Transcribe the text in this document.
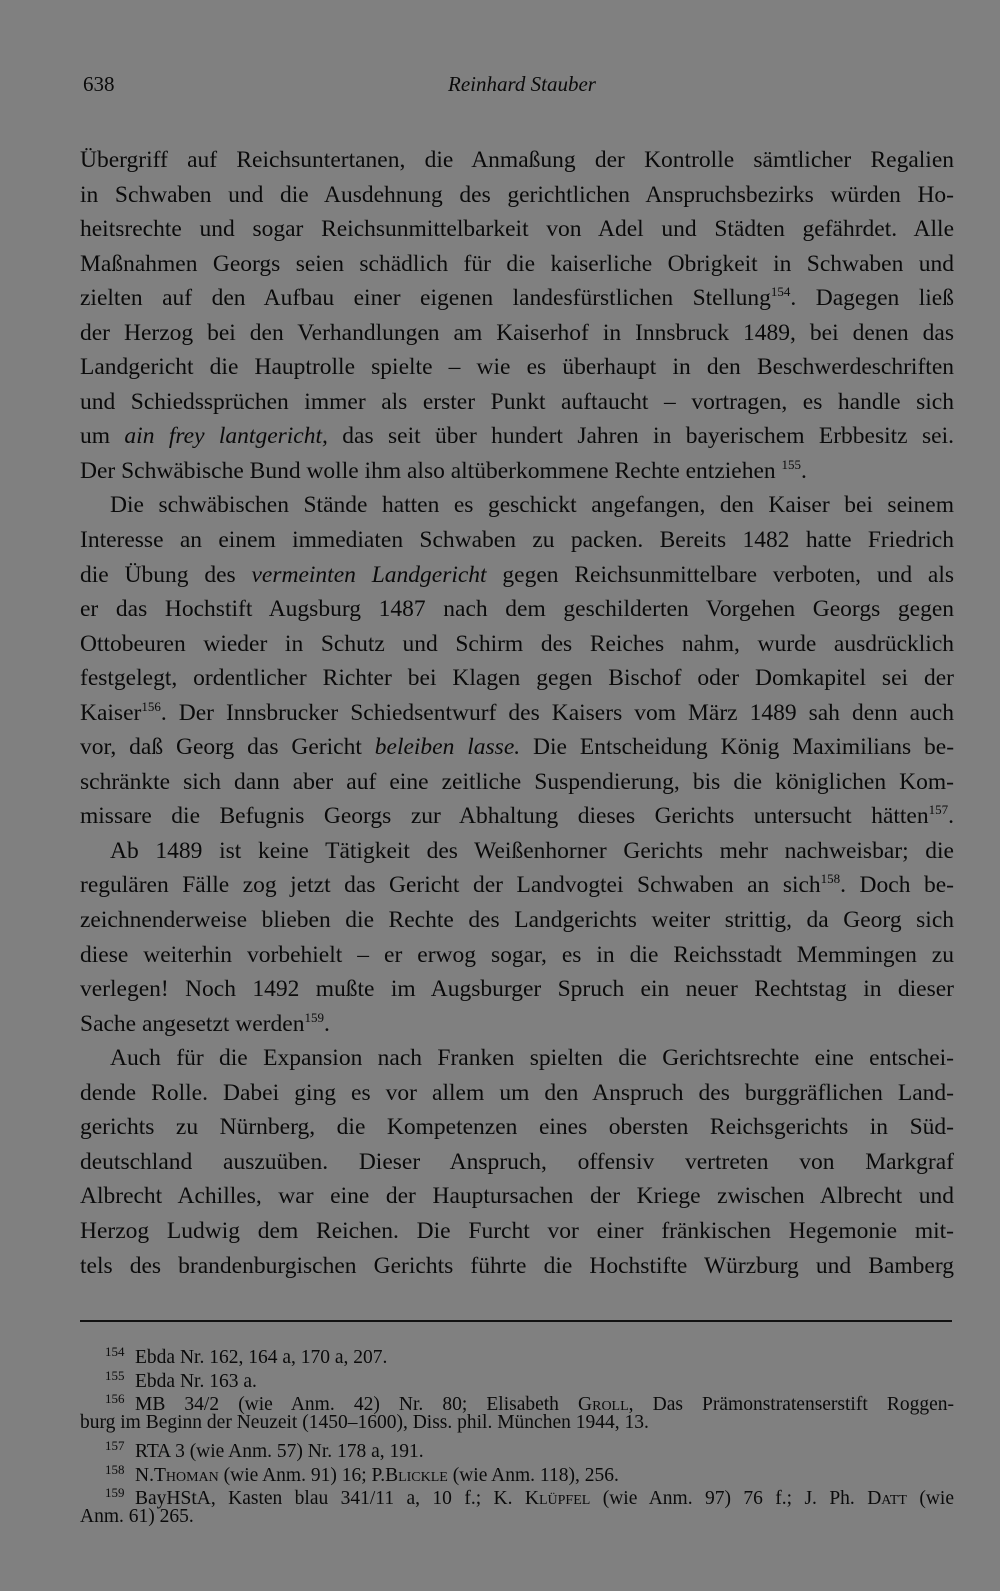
638	Reinhard Stauber
Übergriff auf Reichsuntertanen, die Anmaßung der Kontrolle sämtlicher Regalien
in Schwaben und die Ausdehnung des gerichtlichen Anspruchsbezirks würden Ho-
heitsrechte und sogar Reichsunmittelbarkeit von Adel und Städten gefährdet. Alle
Maßnahmen Georgs seien schädlich für die kaiserliche Obrigkeit in Schwaben und
zielten auf den Aufbau einer eigenen landesfürstlichen Stellung$^{154}$. Dagegen ließ
der Herzog bei den Verhandlungen am Kaiserhof in Innsbruck 1489, bei denen das
Landgericht die Hauptrolle spielte – wie es überhaupt in den Beschwerdeschriften
und Schiedssprüchen immer als erster Punkt auftaucht – vortragen, es handle sich
um ain frey lantgericht, das seit über hundert Jahren in bayerischem Erbbesitz sei.
Der Schwäbische Bund wolle ihm also altüberkommene Rechte entziehen $^{155}$.
Die schwäbischen Stände hatten es geschickt angefangen, den Kaiser bei seinem
Interesse an einem immediaten Schwaben zu packen. Bereits 1482 hatte Friedrich
die Übung des vermeinten Landgericht gegen Reichsunmittelbare verboten, und als
er das Hochstift Augsburg 1487 nach dem geschilderten Vorgehen Georgs gegen
Ottobeuren wieder in Schutz und Schirm des Reiches nahm, wurde ausdrücklich
festgelegt, ordentlicher Richter bei Klagen gegen Bischof oder Domkapitel sei der
Kaiser$^{156}$. Der Innsbrucker Schiedsentwurf des Kaisers vom März 1489 sah denn auch
vor, daß Georg das Gericht beleiben lasse. Die Entscheidung König Maximilians be-
schränkte sich dann aber auf eine zeitliche Suspendierung, bis die königlichen Kom-
missare die Befugnis Georgs zur Abhaltung dieses Gerichts untersucht hätten$^{157}$.
Ab 1489 ist keine Tätigkeit des Weißenhorner Gerichts mehr nachweisbar; die
regulären Fälle zog jetzt das Gericht der Landvogtei Schwaben an sich$^{158}$. Doch be-
zeichnenderweise blieben die Rechte des Landgerichts weiter strittig, da Georg sich
diese weiterhin vorbehielt – er erwog sogar, es in die Reichsstadt Memmingen zu
verlegen! Noch 1492 mußte im Augsburger Spruch ein neuer Rechtstag in dieser
Sache angesetzt werden$^{159}$.
Auch für die Expansion nach Franken spielten die Gerichtsrechte eine entschei-
dende Rolle. Dabei ging es vor allem um den Anspruch des burggräflichen Land-
gerichts zu Nürnberg, die Kompetenzen eines obersten Reichsgerichts in Süd-
deutschland auszuüben. Dieser Anspruch, offensiv vertreten von Markgraf
Albrecht Achilles, war eine der Hauptursachen der Kriege zwischen Albrecht und
Herzog Ludwig dem Reichen. Die Furcht vor einer fränkischen Hegemonie mit-
tels des brandenburgischen Gerichts führte die Hochstifte Würzburg und Bamberg
154 Ebda Nr. 162, 164 a, 170 a, 207.
155 Ebda Nr. 163 a.
156 MB 34/2 (wie Anm. 42) Nr. 80; Elisabeth Groll, Das Prämonstratenserstift Roggen-
burg im Beginn der Neuzeit (1450–1600), Diss. phil. München 1944, 13.
157 RTA 3 (wie Anm. 57) Nr. 178 a, 191.
158 N.Thoman (wie Anm. 91) 16; P.Blickle (wie Anm. 118), 256.
159 BayHStA, Kasten blau 341/11 a, 10 f.; K. Klüpfel (wie Anm. 97) 76 f.; J. Ph. Datt (wie
Anm. 61) 265.
